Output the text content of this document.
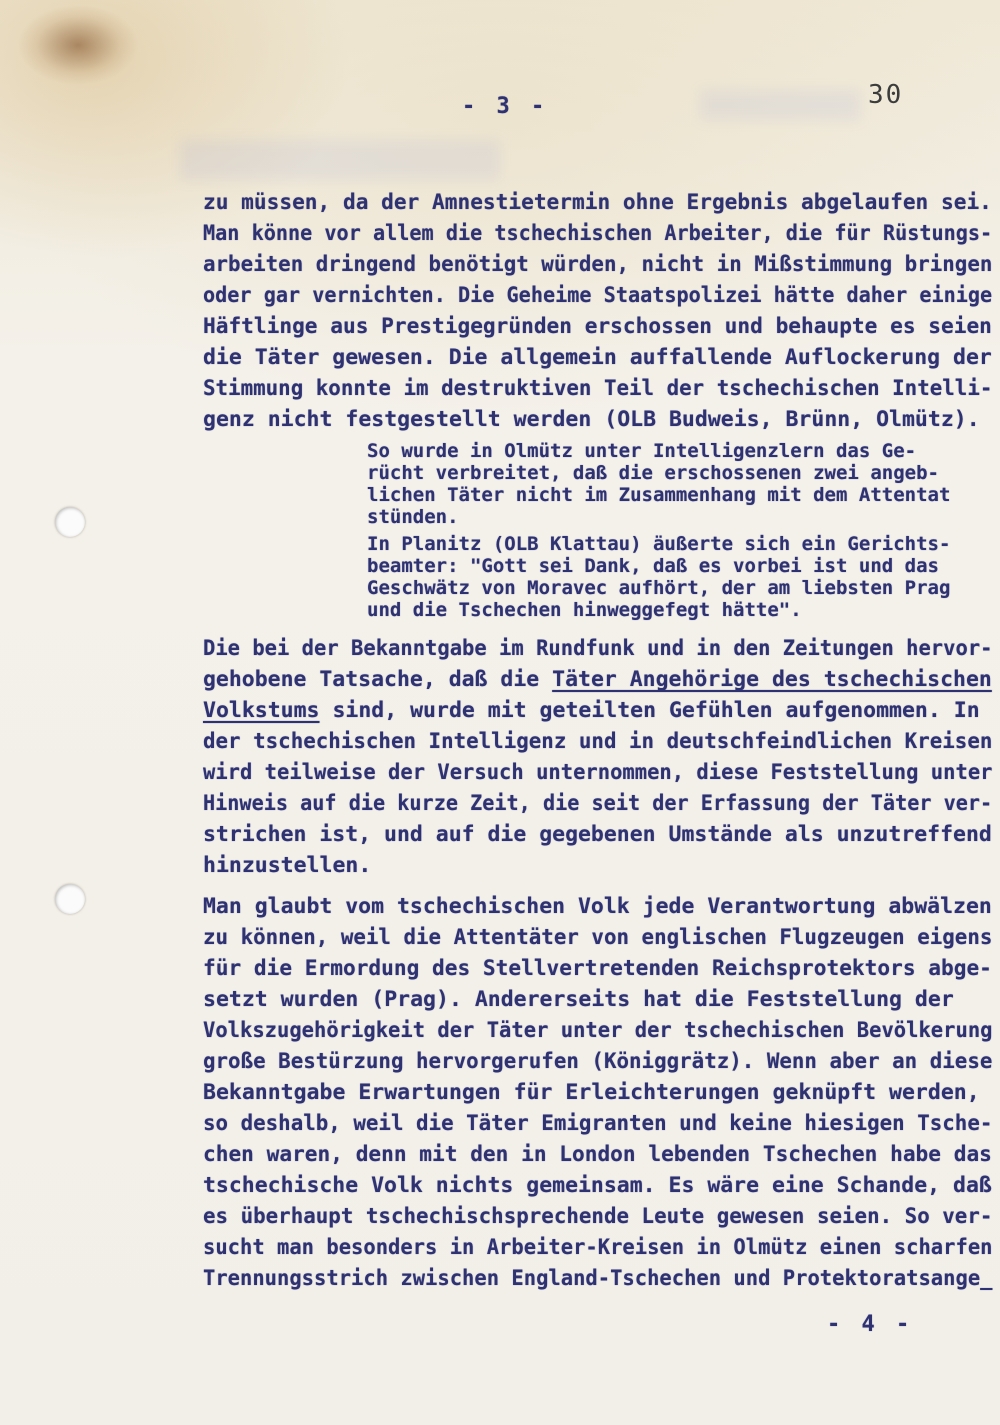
30
- 3 -
zu müssen, da der Amnestietermin ohne Ergebnis abgelaufen sei.
Man könne vor allem die tschechischen Arbeiter, die für Rüstungs-
arbeiten dringend benötigt würden, nicht in Mißstimmung bringen
oder gar vernichten. Die Geheime Staatspolizei hätte daher einige
Häftlinge aus Prestigegründen erschossen und behaupte es seien
die Täter gewesen. Die allgemein auffallende Auflockerung der
Stimmung konnte im destruktiven Teil der tschechischen Intelli-
genz nicht festgestellt werden (OLB Budweis, Brünn, Olmütz).
So wurde in Olmütz unter Intelligenzlern das Ge-
rücht verbreitet, daß die erschossenen zwei angeb-
lichen Täter nicht im Zusammenhang mit dem Attentat
stünden.
In Planitz (OLB Klattau) äußerte sich ein Gerichts-
beamter: "Gott sei Dank, daß es vorbei ist und das
Geschwätz von Moravec aufhört, der am liebsten Prag
und die Tschechen hinweggefegt hätte".
Die bei der Bekanntgabe im Rundfunk und in den Zeitungen hervor-
gehobene Tatsache, daß die Täter Angehörige des tschechischen
Volkstums sind, wurde mit geteilten Gefühlen aufgenommen. In
der tschechischen Intelligenz und in deutschfeindlichen Kreisen
wird teilweise der Versuch unternommen, diese Feststellung unter
Hinweis auf die kurze Zeit, die seit der Erfassung der Täter ver-
strichen ist, und auf die gegebenen Umstände als unzutreffend
hinzustellen.
Man glaubt vom tschechischen Volk jede Verantwortung abwälzen
zu können, weil die Attentäter von englischen Flugzeugen eigens
für die Ermordung des Stellvertretenden Reichsprotektors abge-
setzt wurden (Prag). Andererseits hat die Feststellung der
Volkszugehörigkeit der Täter unter der tschechischen Bevölkerung
große Bestürzung hervorgerufen (Königgrätz). Wenn aber an diese
Bekanntgabe Erwartungen für Erleichterungen geknüpft werden,
so deshalb, weil die Täter Emigranten und keine hiesigen Tsche-
chen waren, denn mit den in London lebenden Tschechen habe das
tschechische Volk nichts gemeinsam. Es wäre eine Schande, daß
es überhaupt tschechischsprechende Leute gewesen seien. So ver-
sucht man besonders in Arbeiter-Kreisen in Olmütz einen scharfen
Trennungsstrich zwischen England-Tschechen und Protektoratsange_
- 4 -
